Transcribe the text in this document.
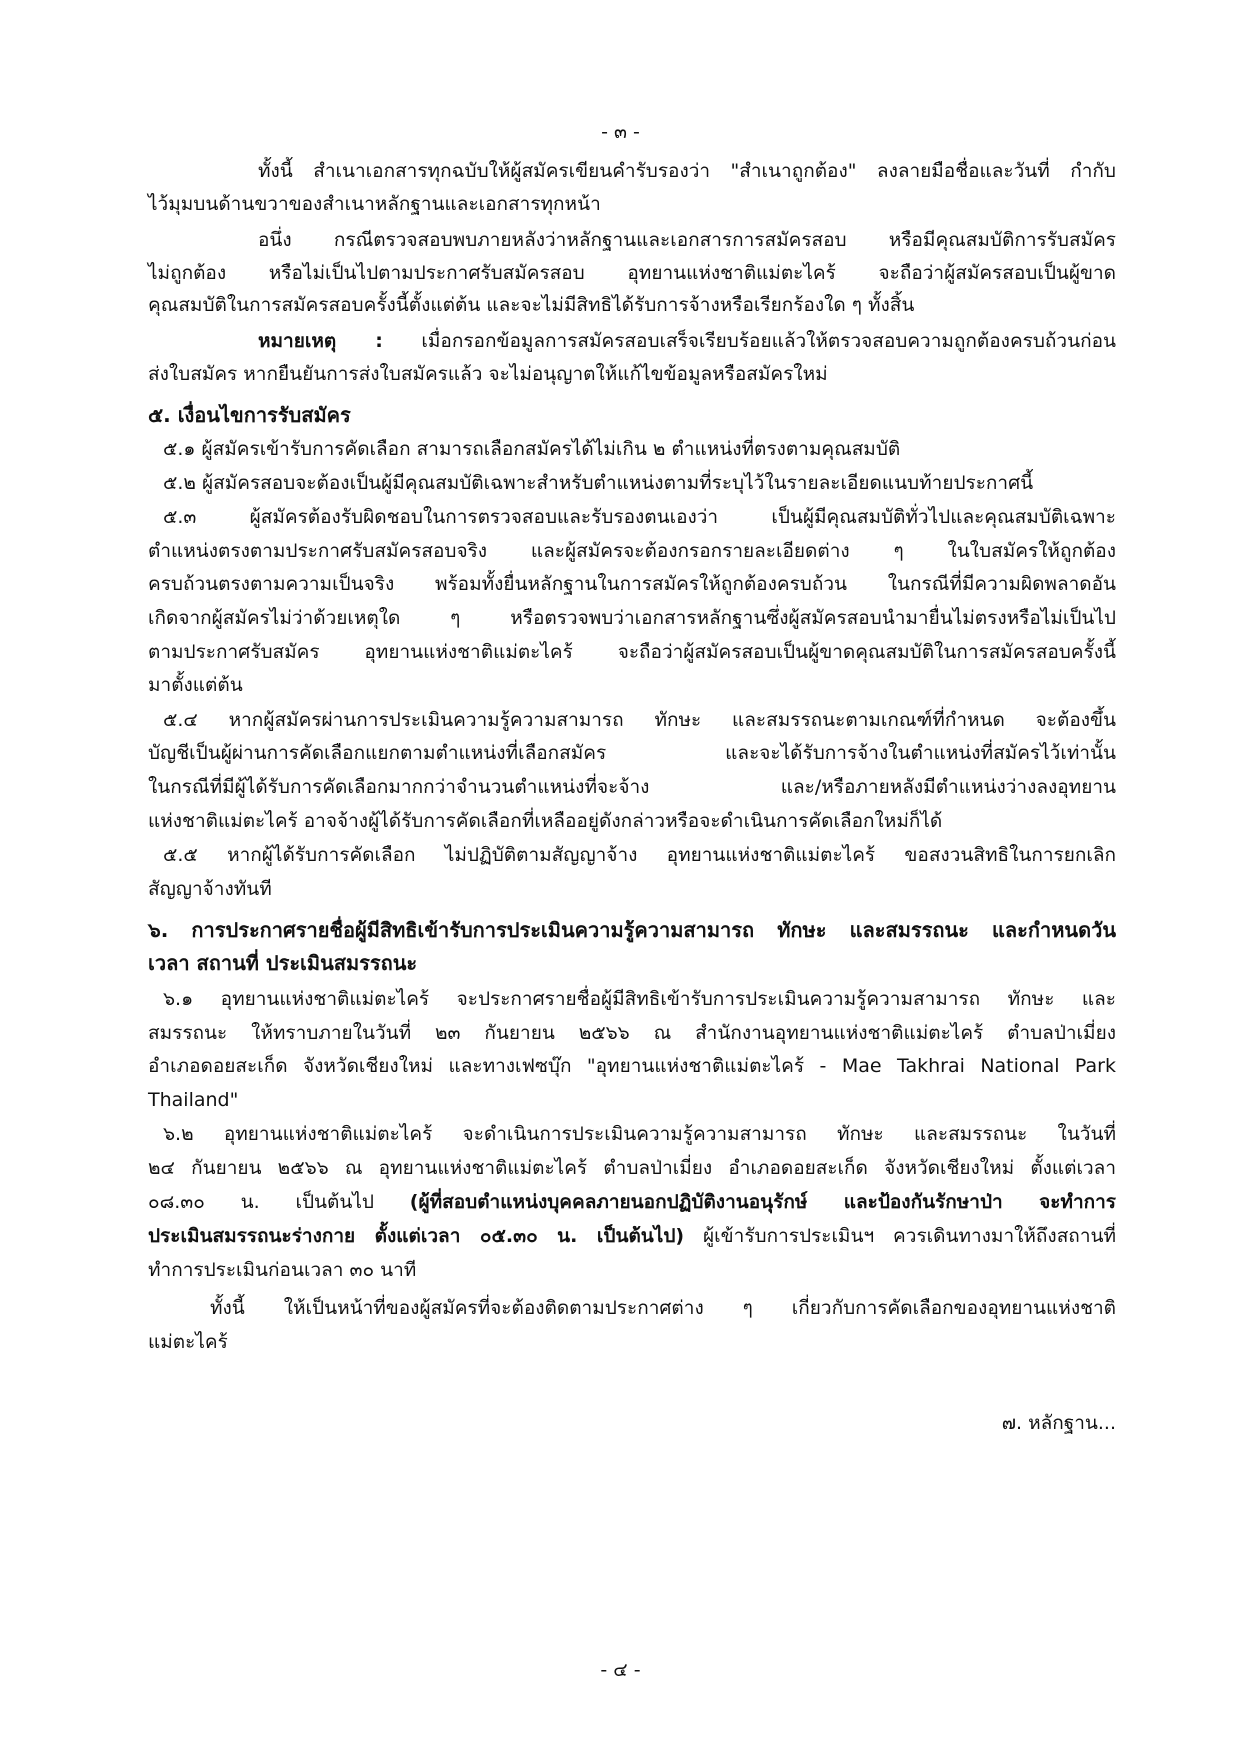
- ๓ -
ทั้งนี้ สำเนาเอกสารทุกฉบับให้ผู้สมัครเขียนคำรับรองว่า "สำเนาถูกต้อง" ลงลายมือชื่อและวันที่ กำกับ
ไว้มุมบนด้านขวาของสำเนาหลักฐานและเอกสารทุกหน้า
อนึ่ง กรณีตรวจสอบพบภายหลังว่าหลักฐานและเอกสารการสมัครสอบ หรือมีคุณสมบัติการรับสมัคร
ไม่ถูกต้อง หรือไม่เป็นไปตามประกาศรับสมัครสอบ อุทยานแห่งชาติแม่ตะไคร้ จะถือว่าผู้สมัครสอบเป็นผู้ขาด
คุณสมบัติในการสมัครสอบครั้งนี้ตั้งแต่ต้น และจะไม่มีสิทธิได้รับการจ้างหรือเรียกร้องใด ๆ ทั้งสิ้น
หมายเหตุ : เมื่อกรอกข้อมูลการสมัครสอบเสร็จเรียบร้อยแล้วให้ตรวจสอบความถูกต้องครบถ้วนก่อน
ส่งใบสมัคร หากยืนยันการส่งใบสมัครแล้ว จะไม่อนุญาตให้แก้ไขข้อมูลหรือสมัครใหม่
๕. เงื่อนไขการรับสมัคร
๕.๑ ผู้สมัครเข้ารับการคัดเลือก สามารถเลือกสมัครได้ไม่เกิน ๒ ตำแหน่งที่ตรงตามคุณสมบัติ
๕.๒ ผู้สมัครสอบจะต้องเป็นผู้มีคุณสมบัติเฉพาะสำหรับตำแหน่งตามที่ระบุไว้ในรายละเอียดแนบท้ายประกาศนี้
๕.๓ ผู้สมัครต้องรับผิดชอบในการตรวจสอบและรับรองตนเองว่า เป็นผู้มีคุณสมบัติทั่วไปและคุณสมบัติเฉพาะ
ตำแหน่งตรงตามประกาศรับสมัครสอบจริง และผู้สมัครจะต้องกรอกรายละเอียดต่าง ๆ ในใบสมัครให้ถูกต้อง
ครบถ้วนตรงตามความเป็นจริง พร้อมทั้งยื่นหลักฐานในการสมัครให้ถูกต้องครบถ้วน ในกรณีที่มีความผิดพลาดอัน
เกิดจากผู้สมัครไม่ว่าด้วยเหตุใด ๆ หรือตรวจพบว่าเอกสารหลักฐานซึ่งผู้สมัครสอบนำมายื่นไม่ตรงหรือไม่เป็นไป
ตามประกาศรับสมัคร อุทยานแห่งชาติแม่ตะไคร้ จะถือว่าผู้สมัครสอบเป็นผู้ขาดคุณสมบัติในการสมัครสอบครั้งนี้
มาตั้งแต่ต้น
๕.๔ หากผู้สมัครผ่านการประเมินความรู้ความสามารถ ทักษะ และสมรรถนะตามเกณฑ์ที่กำหนด จะต้องขึ้น
บัญชีเป็นผู้ผ่านการคัดเลือกแยกตามตำแหน่งที่เลือกสมัคร และจะได้รับการจ้างในตำแหน่งที่สมัครไว้เท่านั้น
ในกรณีที่มีผู้ได้รับการคัดเลือกมากกว่าจำนวนตำแหน่งที่จะจ้าง และ/หรือภายหลังมีตำแหน่งว่างลงอุทยาน
แห่งชาติแม่ตะไคร้ อาจจ้างผู้ได้รับการคัดเลือกที่เหลืออยู่ดังกล่าวหรือจะดำเนินการคัดเลือกใหม่ก็ได้
๕.๕ หากผู้ได้รับการคัดเลือก ไม่ปฏิบัติตามสัญญาจ้าง อุทยานแห่งชาติแม่ตะไคร้ ขอสงวนสิทธิในการยกเลิก
สัญญาจ้างทันที
๖. การประกาศรายชื่อผู้มีสิทธิเข้ารับการประเมินความรู้ความสามารถ ทักษะ และสมรรถนะ และกำหนดวัน
เวลา สถานที่ ประเมินสมรรถนะ
๖.๑ อุทยานแห่งชาติแม่ตะไคร้ จะประกาศรายชื่อผู้มีสิทธิเข้ารับการประเมินความรู้ความสามารถ ทักษะ และ
สมรรถนะ ให้ทราบภายในวันที่ ๒๓ กันยายน ๒๕๖๖ ณ สำนักงานอุทยานแห่งชาติแม่ตะไคร้ ตำบลป่าเมี่ยง
อำเภอดอยสะเก็ด จังหวัดเชียงใหม่ และทางเฟซบุ๊ก "อุทยานแห่งชาติแม่ตะไคร้ - Mae Takhrai National Park
Thailand"
๖.๒ อุทยานแห่งชาติแม่ตะไคร้ จะดำเนินการประเมินความรู้ความสามารถ ทักษะ และสมรรถนะ ในวันที่
๒๔ กันยายน ๒๕๖๖ ณ อุทยานแห่งชาติแม่ตะไคร้ ตำบลป่าเมี่ยง อำเภอดอยสะเก็ด จังหวัดเชียงใหม่ ตั้งแต่เวลา
๐๘.๓๐ น. เป็นต้นไป (ผู้ที่สอบตำแหน่งบุคคลภายนอกปฏิบัติงานอนุรักษ์ และป้องกันรักษาป่า จะทำการ
ประเมินสมรรถนะร่างกาย ตั้งแต่เวลา ๐๕.๓๐ น. เป็นต้นไป) ผู้เข้ารับการประเมินฯ ควรเดินทางมาให้ถึงสถานที่
ทำการประเมินก่อนเวลา ๓๐ นาที
ทั้งนี้ ให้เป็นหน้าที่ของผู้สมัครที่จะต้องติดตามประกาศต่าง ๆ เกี่ยวกับการคัดเลือกของอุทยานแห่งชาติ
แม่ตะไคร้
๗. หลักฐาน...
- ๔ -
